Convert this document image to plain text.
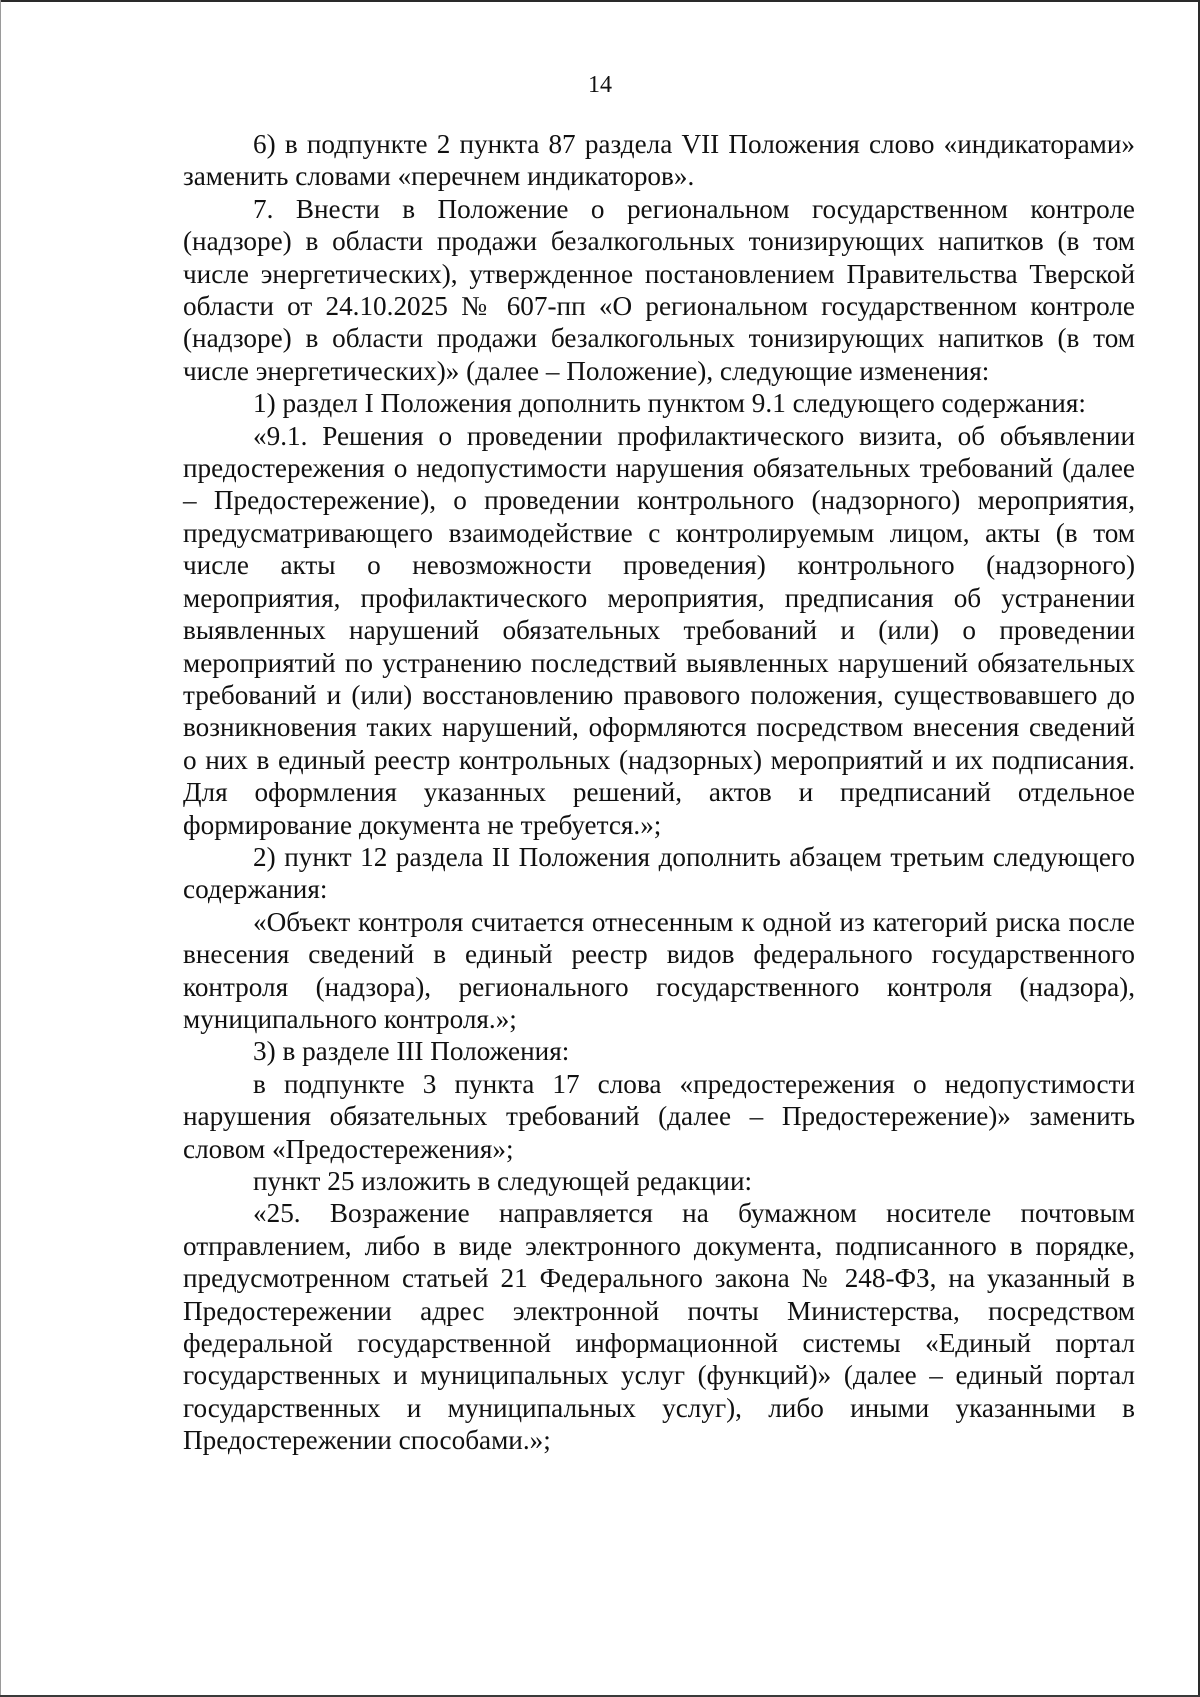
14

6) в подпункте 2 пункта 87 раздела VII Положения слово «индикаторами» заменить словами «перечнем индикаторов».

7. Внести в Положение о региональном государственном контроле (надзоре) в области продажи безалкогольных тонизирующих напитков (в том числе энергетических), утвержденное постановлением Правительства Тверской области от 24.10.2025 № 607-пп «О региональном государственном контроле (надзоре) в области продажи безалкогольных тонизирующих напитков (в том числе энергетических)» (далее – Положение), следующие изменения:

1) раздел I Положения дополнить пунктом 9.1 следующего содержания:

«9.1. Решения о проведении профилактического визита, об объявлении предостережения о недопустимости нарушения обязательных требований (далее – Предостережение), о проведении контрольного (надзорного) мероприятия, предусматривающего взаимодействие с контролируемым лицом, акты (в том числе акты о невозможности проведения) контрольного (надзорного) мероприятия, профилактического мероприятия, предписания об устранении выявленных нарушений обязательных требований и (или) о проведении мероприятий по устранению последствий выявленных нарушений обязательных требований и (или) восстановлению правового положения, существовавшего до возникновения таких нарушений, оформляются посредством внесения сведений о них в единый реестр контрольных (надзорных) мероприятий и их подписания. Для оформления указанных решений, актов и предписаний отдельное формирование документа не требуется.»;

2) пункт 12 раздела II Положения дополнить абзацем третьим следующего содержания:

«Объект контроля считается отнесенным к одной из категорий риска после внесения сведений в единый реестр видов федерального государственного контроля (надзора), регионального государственного контроля (надзора), муниципального контроля.»;

3) в разделе III Положения:

в подпункте 3 пункта 17 слова «предостережения о недопустимости нарушения обязательных требований (далее – Предостережение)» заменить словом «Предостережения»;

пункт 25 изложить в следующей редакции:

«25. Возражение направляется на бумажном носителе почтовым отправлением, либо в виде электронного документа, подписанного в порядке, предусмотренном статьей 21 Федерального закона № 248-ФЗ, на указанный в Предостережении адрес электронной почты Министерства, посредством федеральной государственной информационной системы «Единый портал государственных и муниципальных услуг (функций)» (далее – единый портал государственных и муниципальных услуг), либо иными указанными в Предостережении способами.»;
